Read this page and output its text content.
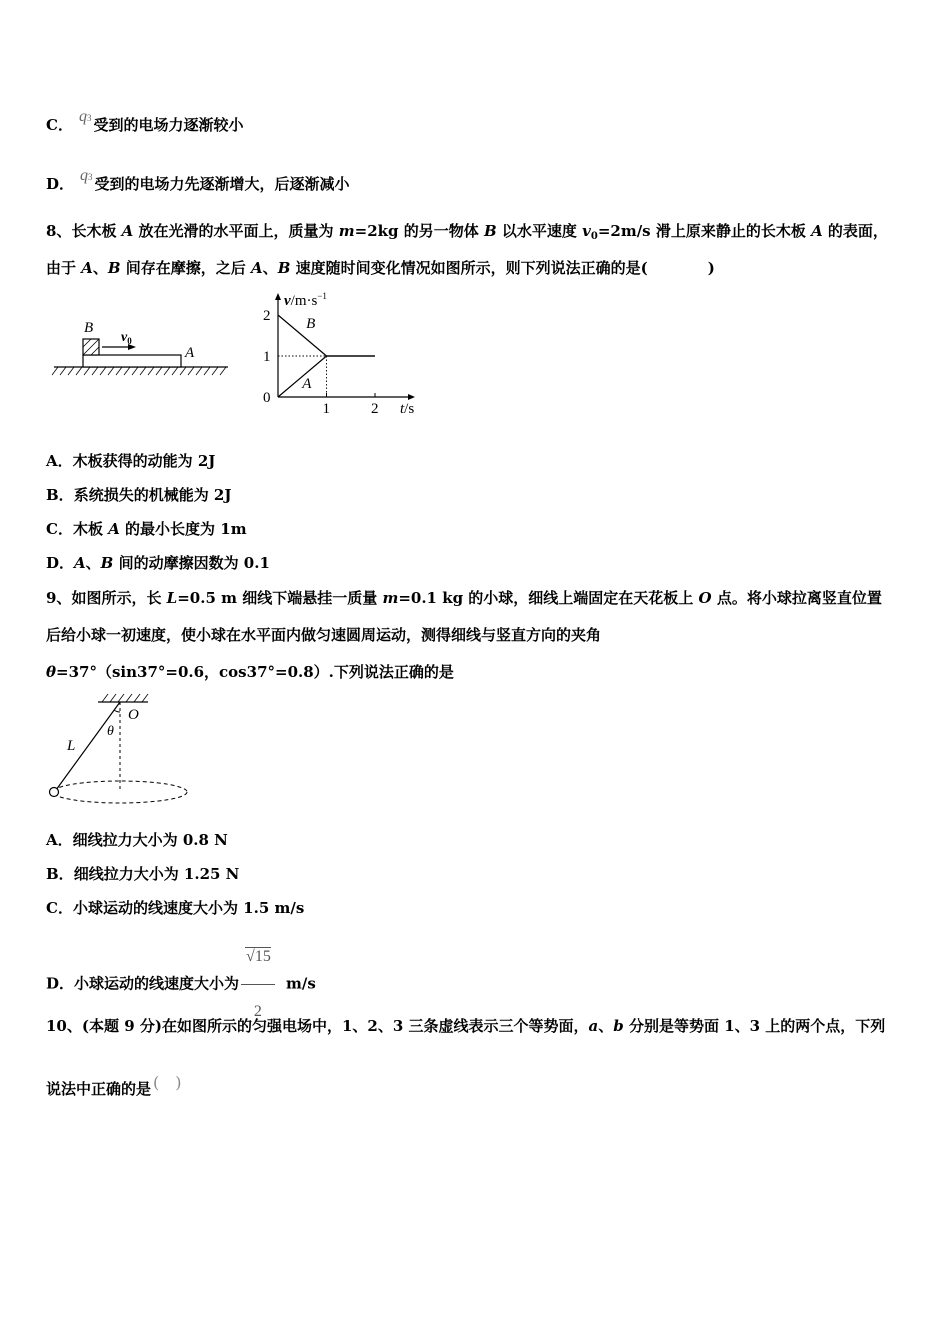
C． q3 受到的电场力逐渐较小
D． q3 受到的电场力先逐渐增大，后逐渐减小
8、长木板 A 放在光滑的水平面上，质量为 m=2kg 的另一物体 B 以水平速度 $v_0=2m/s$ 滑上原来静止的长木板 A 的表面，
由于 A、B 间存在摩擦，之后 A、B 速度随时间变化情况如图所示，则下列说法正确的是(　　　　)
B
$v_0$
A
$v/m\cdot s^{-1}$
t/s
2
1
0
1	2
B
A
A．木板获得的动能为 2J
B．系统损失的机械能为 2J
C．木板 A 的最小长度为 1m
D．A、B 间的动摩擦因数为 0.1
9、如图所示，长 L=0.5 m 细线下端悬挂一质量 m=0.1 kg 的小球，细线上端固定在天花板上 O 点。将小球拉离竖直位置
后给小球一初速度，使小球在水平面内做匀速圆周运动，测得细线与竖直方向的夹角
θ=37°（sin37°=0.6，cos37°=0.8）.下列说法正确的是
O
θ
L
A．细线拉力大小为 0.8 N
B．细线拉力大小为 1.25 N
C．小球运动的线速度大小为 1.5 m/s
D．小球运动的线速度大小为 $\frac{√15}{2} m/s$
10、(本题 9 分)在如图所示的匀强电场中，1、2、3 三条虚线表示三个等势面，a、b 分别是等势面 1、3 上的两个点，下列
说法中正确的是 (　)
